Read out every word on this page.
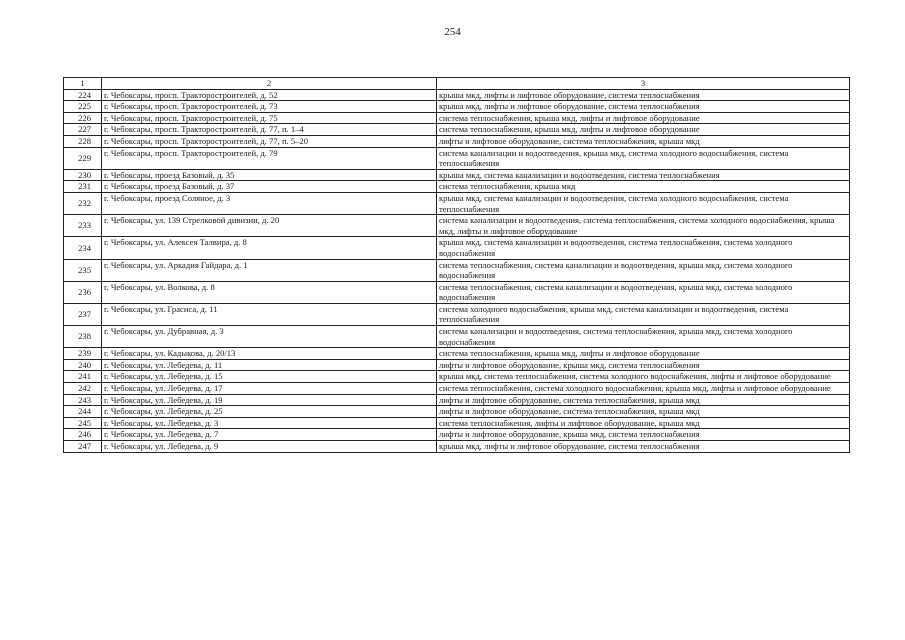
254
1	2	3
224	г. Чебоксары, просп. Тракторостроителей, д. 52	крыша мкд, лифты и лифтовое оборудование, система теплоснабжения
225	г. Чебоксары, просп. Тракторостроителей, д. 73	крыша мкд, лифты и лифтовое оборудование, система теплоснабжения
226	г. Чебоксары, просп. Тракторостроителей, д. 75	система теплоснабжения, крыша мкд, лифты и лифтовое оборудование
227	г. Чебоксары, просп. Тракторостроителей, д. 77, п. 1–4	система теплоснабжения, крыша мкд, лифты и лифтовое оборудование
228	г. Чебоксары, просп. Тракторостроителей, д. 77, п. 5–20	лифты и лифтовое оборудование, система теплоснабжения, крыша мкд
229	г. Чебоксары, просп. Тракторостроителей, д. 79	система канализации и водоотведения, крыша мкд, система холодного водоснабжения, система теплоснабжения
230	г. Чебоксары, проезд Базовый, д. 35	крыша мкд, система канализации и водоотведения, система теплоснабжения
231	г. Чебоксары, проезд Базовый, д. 37	система теплоснабжения, крыша мкд
232	г. Чебоксары, проезд Соляное, д. 3	крыша мкд, система канализации и водоотведения, система холодного водоснабжения, система теплоснабжения
233	г. Чебоксары, ул. 139 Стрелковой дивизии, д. 20	система канализации и водоотведения, система теплоснабжения, система холодного водоснабжения, крыша мкд, лифты и лифтовое оборудование
234	г. Чебоксары, ул. Алексея Талвира, д. 8	крыша мкд, система канализации и водоотведения, система теплоснабжения, система холодного водоснабжения
235	г. Чебоксары, ул. Аркадия Гайдара, д. 1	система теплоснабжения, система канализации и водоотведения, крыша мкд, система холодного водоснабжения
236	г. Чебоксары, ул. Волкова, д. 8	система теплоснабжения, система канализации и водоотведения, крыша мкд, система холодного водоснабжения
237	г. Чебоксары, ул. Грасиса, д. 11	система холодного водоснабжения, крыша мкд, система канализации и водоотведения, система теплоснабжения
238	г. Чебоксары, ул. Дубравная, д. 3	система канализации и водоотведения, система теплоснабжения, крыша мкд, система холодного водоснабжения
239	г. Чебоксары, ул. Кадыкова, д. 20/13	система теплоснабжения, крыша мкд, лифты и лифтовое оборудование
240	г. Чебоксары, ул. Лебедева, д. 11	лифты и лифтовое оборудование, крыша мкд, система теплоснабжения
241	г. Чебоксары, ул. Лебедева, д. 15	крыша мкд, система теплоснабжения, система холодного водоснабжения, лифты и лифтовое оборудование
242	г. Чебоксары, ул. Лебедева, д. 17	система теплоснабжения, система холодного водоснабжения, крыша мкд, лифты и лифтовое оборудование
243	г. Чебоксары, ул. Лебедева, д. 19	лифты и лифтовое оборудование, система теплоснабжения, крыша мкд
244	г. Чебоксары, ул. Лебедева, д. 25	лифты и лифтовое оборудование, система теплоснабжения, крыша мкд
245	г. Чебоксары, ул. Лебедева, д. 3	система теплоснабжения, лифты и лифтовое оборудование, крыша мкд
246	г. Чебоксары, ул. Лебедева, д. 7	лифты и лифтовое оборудование, крыша мкд, система теплоснабжения
247	г. Чебоксары, ул. Лебедева, д. 9	крыша мкд, лифты и лифтовое оборудование, система теплоснабжения
